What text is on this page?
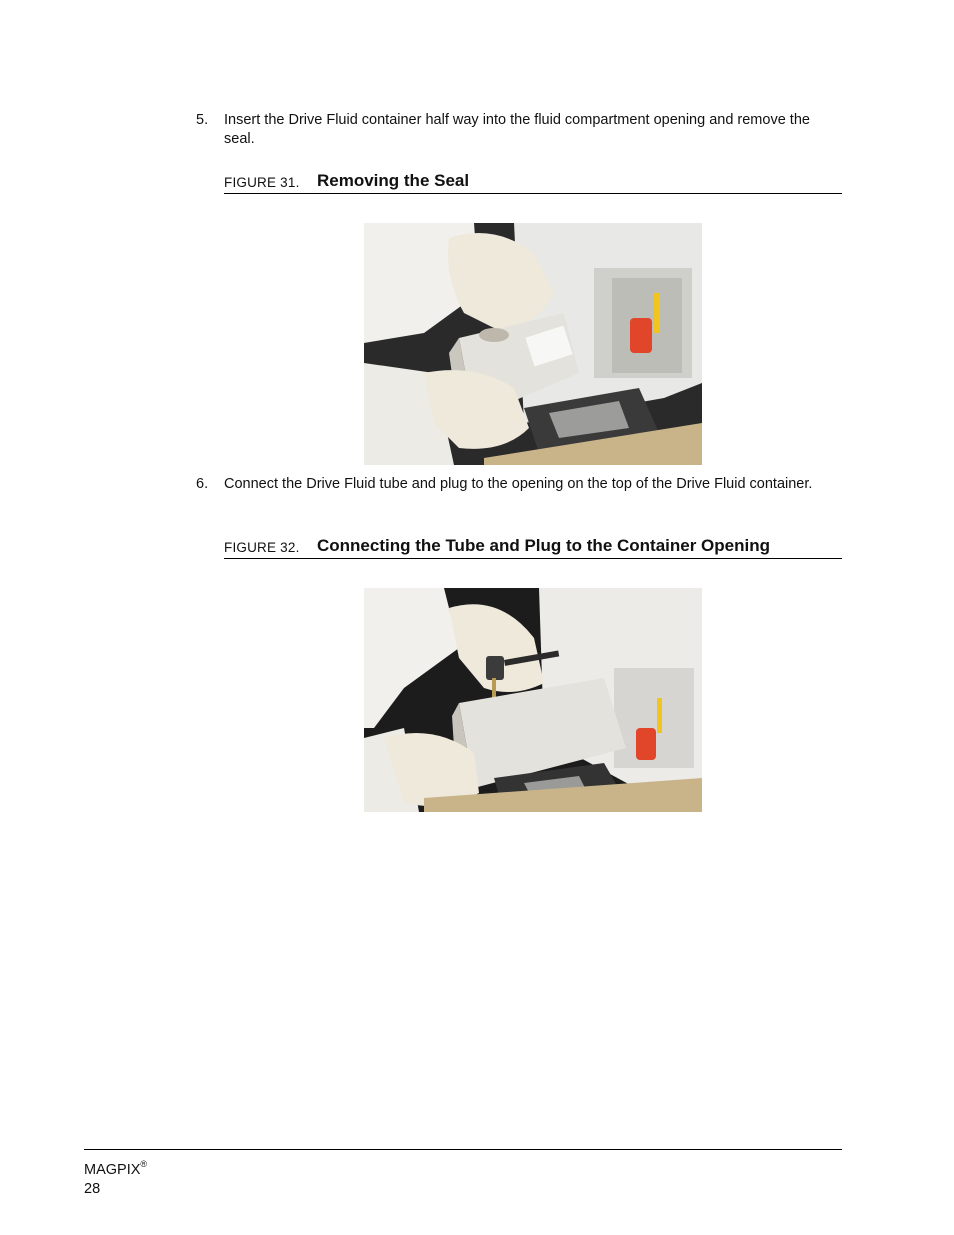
5. Insert the Drive Fluid container half way into the fluid compartment opening and remove the seal.
FIGURE 31. Removing the Seal
6. Connect the Drive Fluid tube and plug to the opening on the top of the Drive Fluid container.
FIGURE 32. Connecting the Tube and Plug to the Container Opening
MAGPIX®
28
